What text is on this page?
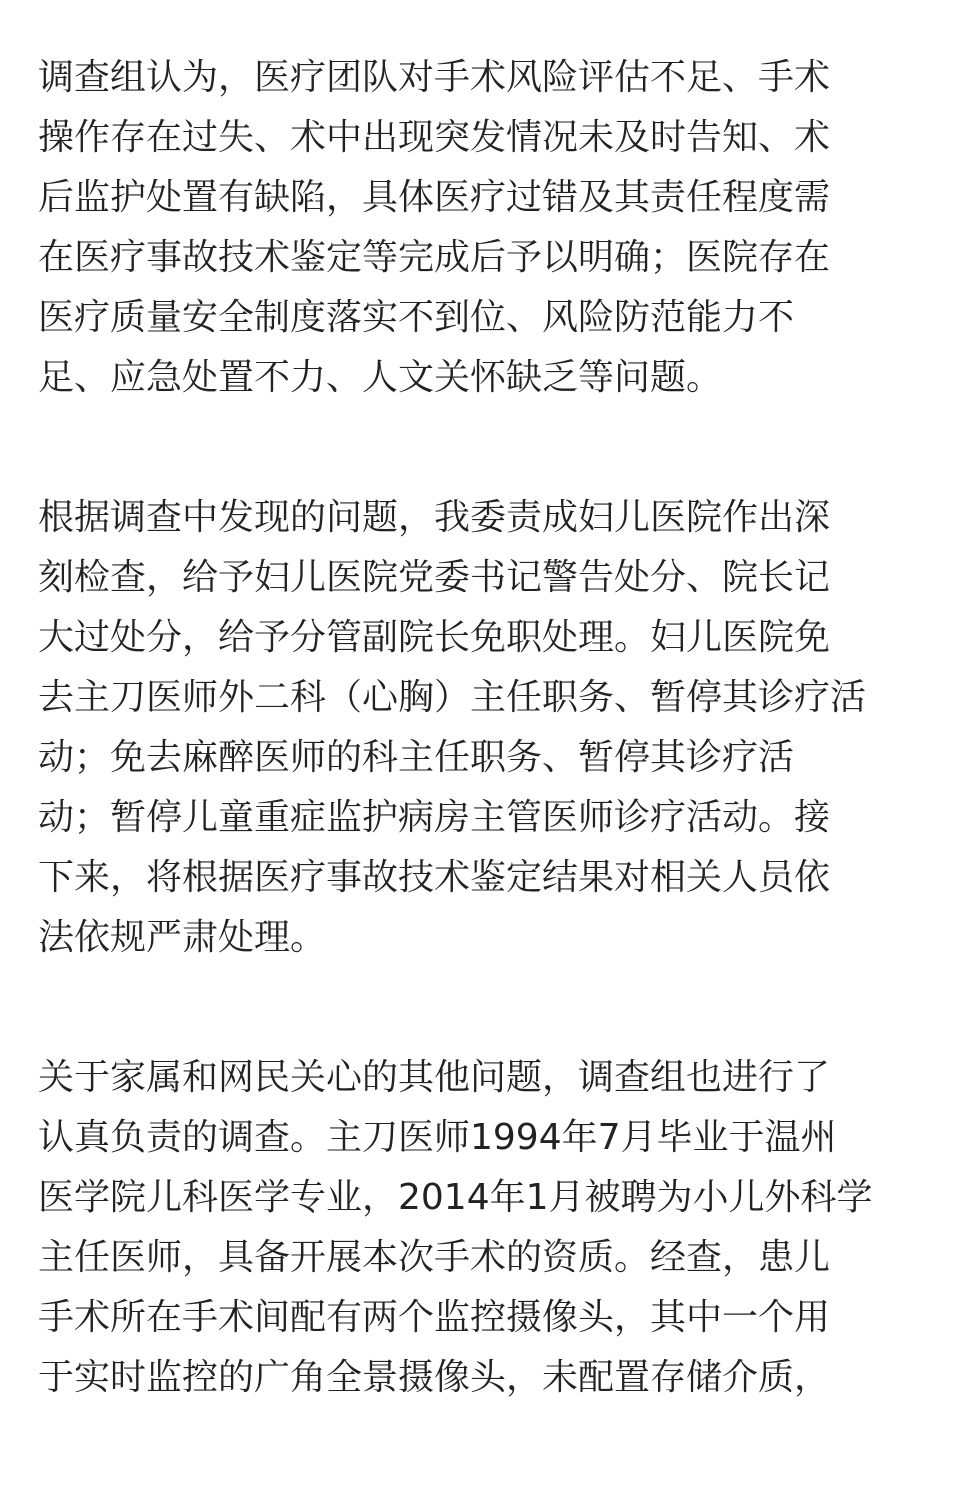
调查组认为，医疗团队对手术风险评估不足、手术
操作存在过失、术中出现突发情况未及时告知、术
后监护处置有缺陷，具体医疗过错及其责任程度需
在医疗事故技术鉴定等完成后予以明确；医院存在
医疗质量安全制度落实不到位、风险防范能力不
足、应急处置不力、人文关怀缺乏等问题。

根据调查中发现的问题，我委责成妇儿医院作出深
刻检查，给予妇儿医院党委书记警告处分、院长记
大过处分，给予分管副院长免职处理。妇儿医院免
去主刀医师外二科（心胸）主任职务、暂停其诊疗活
动；免去麻醉医师的科主任职务、暂停其诊疗活
动；暂停儿童重症监护病房主管医师诊疗活动。接
下来，将根据医疗事故技术鉴定结果对相关人员依
法依规严肃处理。

关于家属和网民关心的其他问题，调查组也进行了
认真负责的调查。主刀医师1994年7月毕业于温州
医学院儿科医学专业，2014年1月被聘为小儿外科学
主任医师，具备开展本次手术的资质。经查，患儿
手术所在手术间配有两个监控摄像头，其中一个用
于实时监控的广角全景摄像头，未配置存储介质，
